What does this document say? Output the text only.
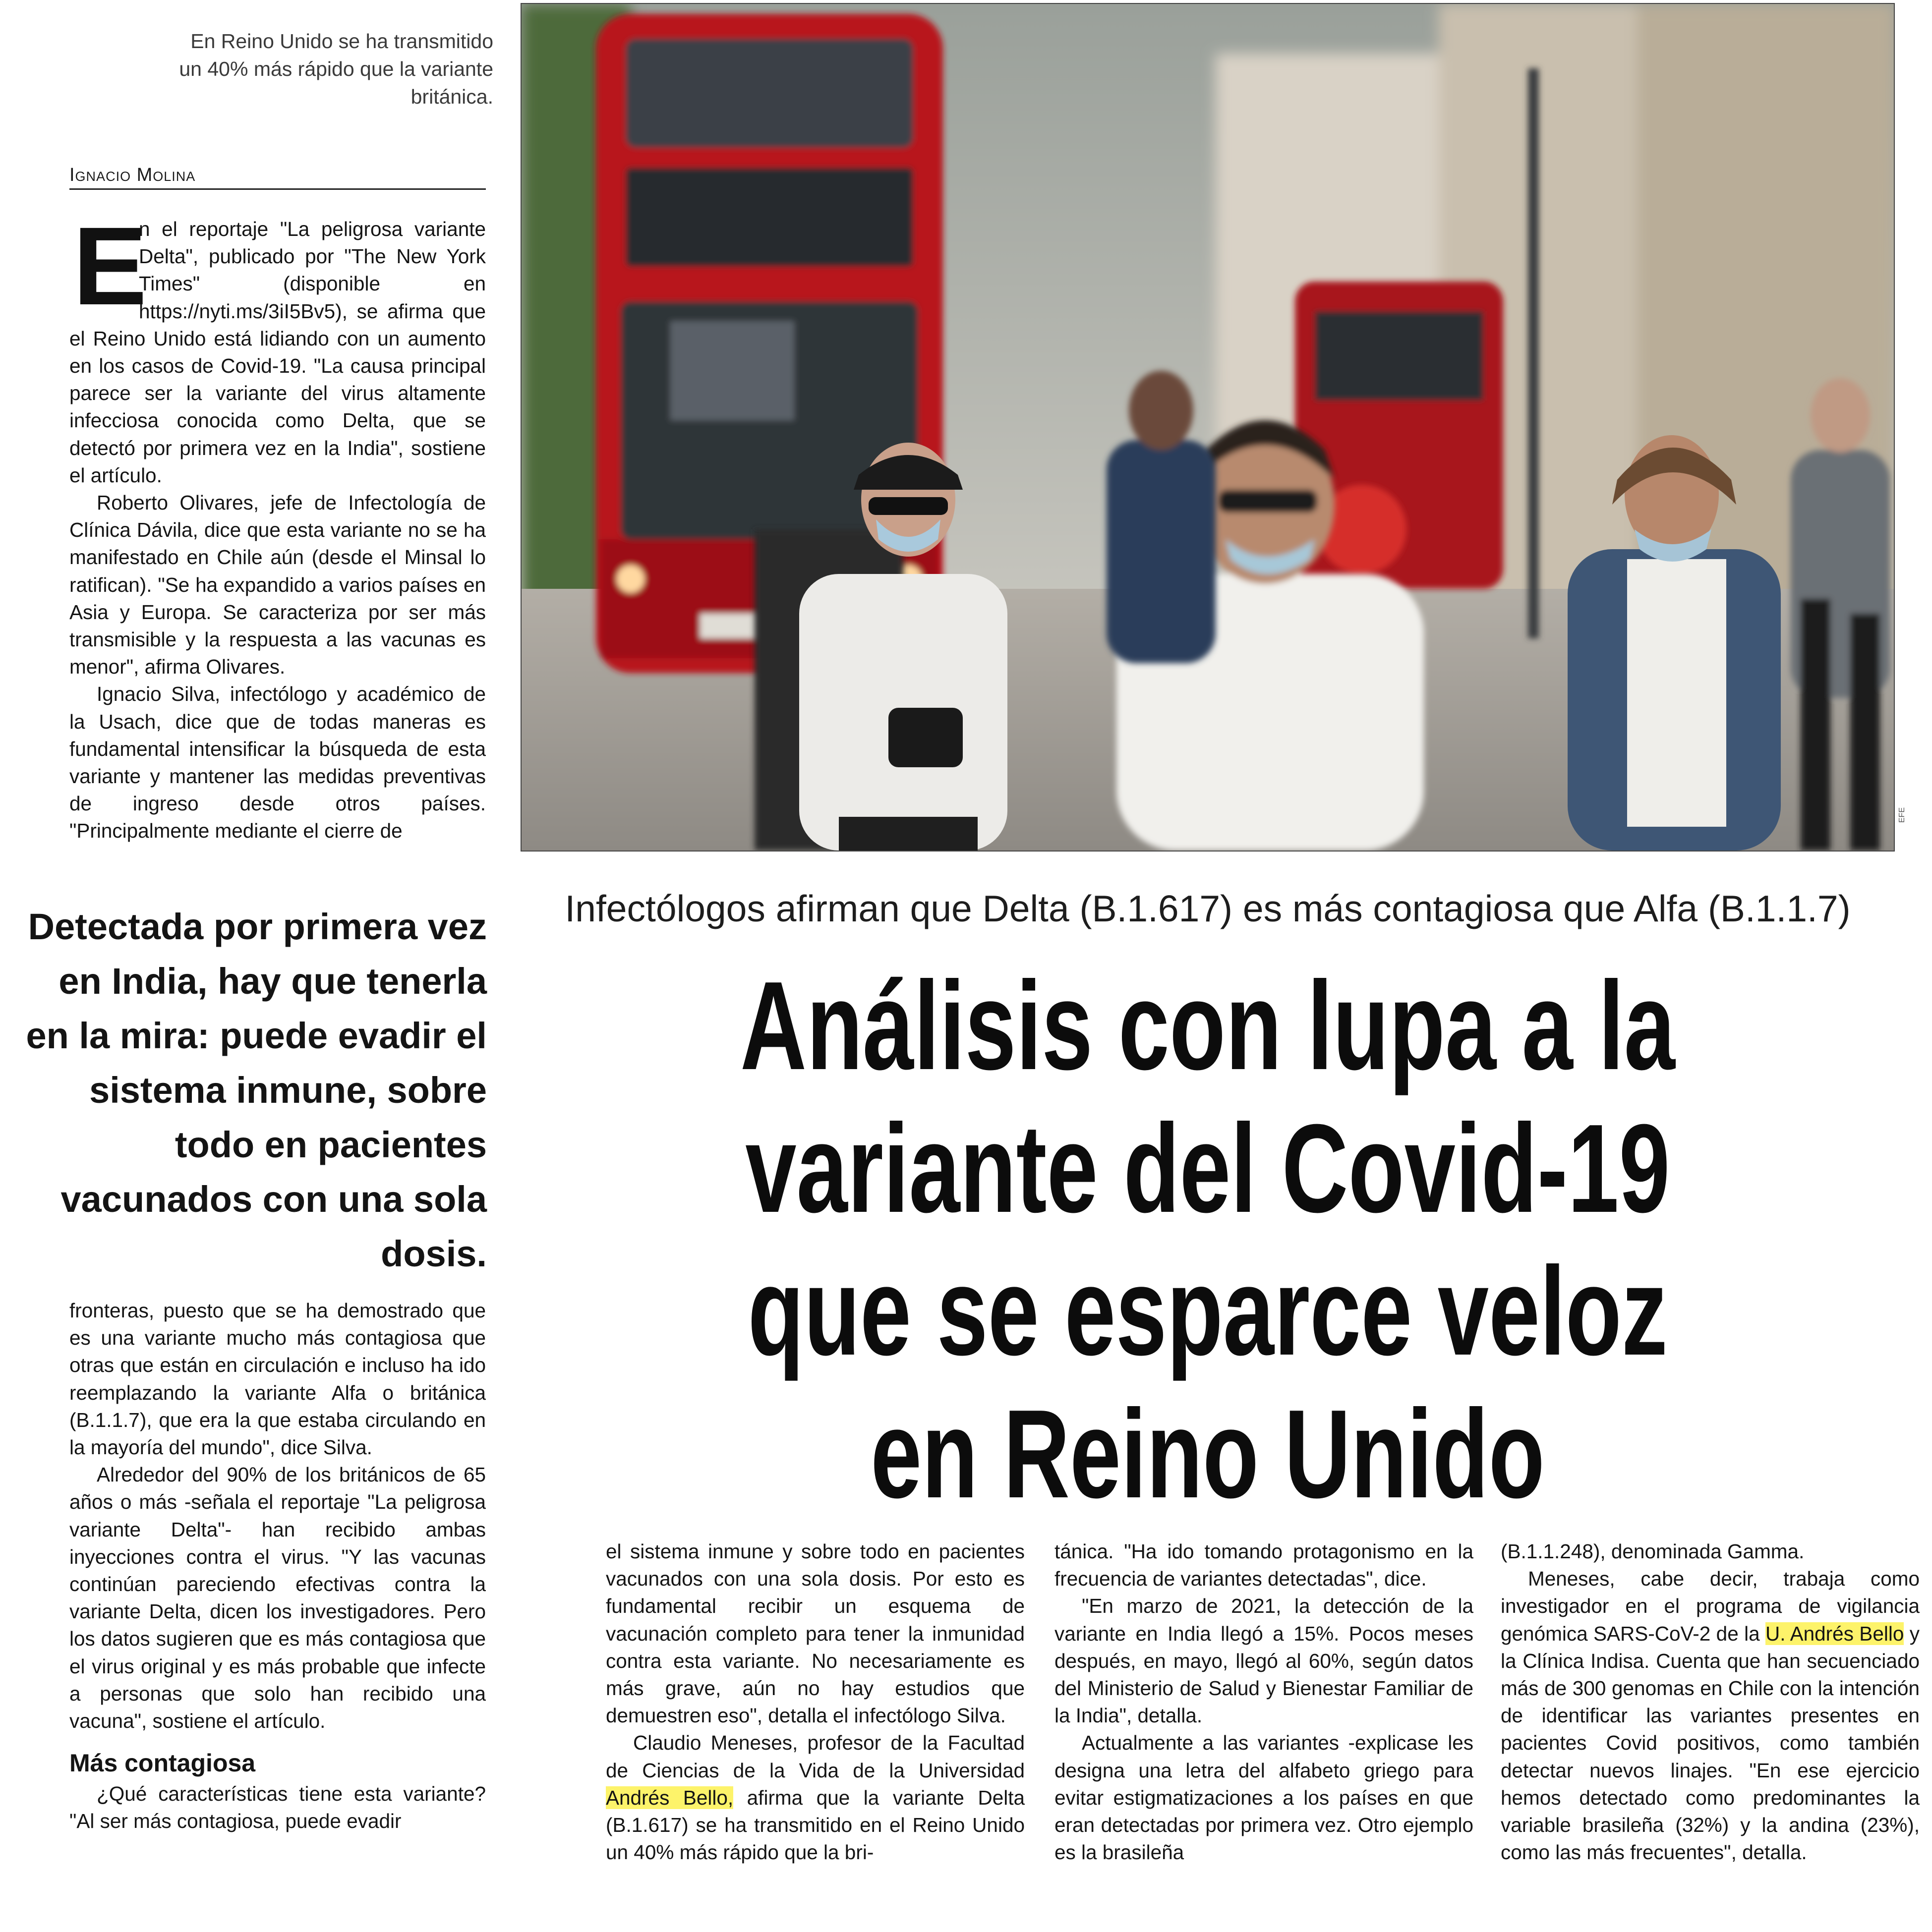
En Reino Unido se ha transmitido un 40% más rápido que la variante británica.

Ignacio Molina

E

n el reportaje "La peligrosa variante Delta", publicado por "The New York Times" (disponible en https://nyti.ms/3iI5Bv5), se afirma que el Reino Unido está lidiando con un aumento en los casos de Covid-19. "La causa principal parece ser la variante del virus altamente infecciosa conocida como Delta, que se detectó por primera vez en la India", sostiene el artículo.

Roberto Olivares, jefe de Infectología de Clínica Dávila, dice que esta variante no se ha manifestado en Chile aún (desde el Minsal lo ratifican). "Se ha expandido a varios países en Asia y Europa. Se caracteriza por ser más transmisible y la respuesta a las vacunas es menor", afirma Olivares.

Ignacio Silva, infectólogo y académico de la Usach, dice que de todas maneras es fundamental intensificar la búsqueda de esta variante y mantener las medidas preventivas de ingreso desde otros países. "Principalmente mediante el cierre de

Detectada por primera vez en India, hay que tenerla en la mira: puede evadir el sistema inmune, sobre todo en pacientes vacunados con una sola dosis.

fronteras, puesto que se ha demostrado que es una variante mucho más contagiosa que otras que están en circulación e incluso ha ido reemplazando la variante Alfa o británica (B.1.1.7), que era la que estaba circulando en la mayoría del mundo", dice Silva.

Alrededor del 90% de los británicos de 65 años o más -señala el reportaje "La peligrosa variante Delta"- han recibido ambas inyecciones contra el virus. "Y las vacunas continúan pareciendo efectivas contra la variante Delta, dicen los investigadores. Pero los datos sugieren que es más contagiosa que el virus original y es más probable que infecte a personas que solo han recibido una vacuna", sostiene el artículo.

Más contagiosa

¿Qué características tiene esta variante? "Al ser más contagiosa, puede evadir

EFE

Infectólogos afirman que Delta (B.1.617) es más contagiosa que Alfa (B.1.1.7)

Análisis con lupa a la variante del Covid-19 que se esparce veloz en Reino Unido

el sistema inmune y sobre todo en pacientes vacunados con una sola dosis. Por esto es fundamental recibir un esquema de vacunación completo para tener la inmunidad contra esta variante. No necesariamente es más grave, aún no hay estudios que demuestren eso", detalla el infectólogo Silva.

Claudio Meneses, profesor de la Facultad de Ciencias de la Vida de la Universidad Andrés Bello, afirma que la variante Delta (B.1.617) se ha transmitido en el Reino Unido un 40% más rápido que la bri-

tánica. "Ha ido tomando protagonismo en la frecuencia de variantes detectadas", dice.

"En marzo de 2021, la detección de la variante en India llegó a 15%. Pocos meses después, en mayo, llegó al 60%, según datos del Ministerio de Salud y Bienestar Familiar de la India", detalla.

Actualmente a las variantes -explicase les designa una letra del alfabeto griego para evitar estigmatizaciones a los países en que eran detectadas por primera vez. Otro ejemplo es la brasileña

(B.1.1.248), denominada Gamma.

Meneses, cabe decir, trabaja como investigador en el programa de vigilancia genómica SARS-CoV-2 de la U. Andrés Bello y la Clínica Indisa. Cuenta que han secuenciado más de 300 genomas en Chile con la intención de identificar las variantes presentes en pacientes Covid positivos, como también detectar nuevos linajes. "En ese ejercicio hemos detectado como predominantes la variable brasileña (32%) y la andina (23%), como las más frecuentes", detalla.
